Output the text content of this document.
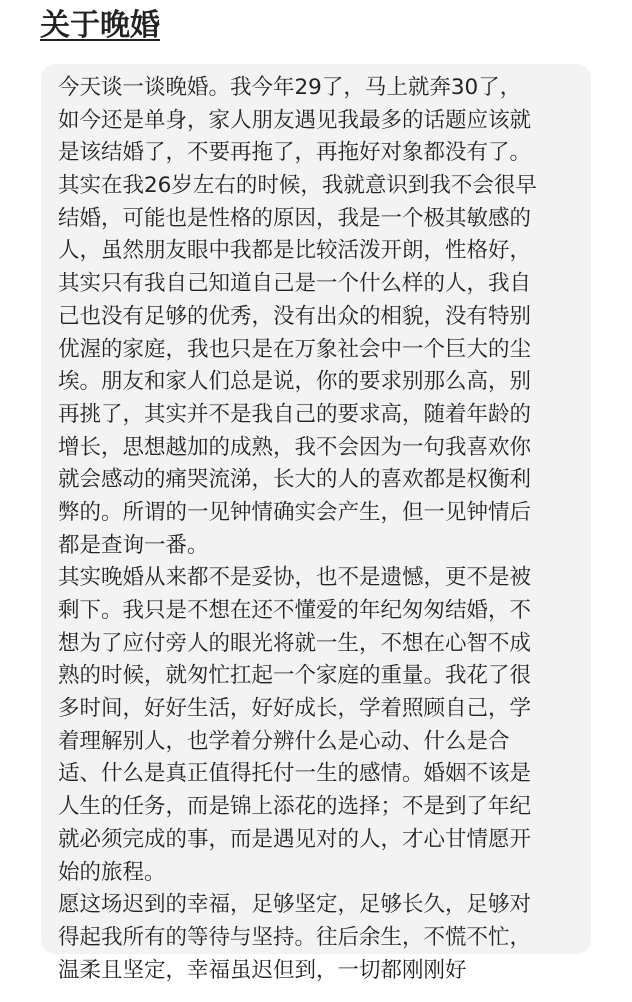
关于晚婚
今天谈一谈晚婚。我今年29了，马上就奔30了，
如今还是单身，家人朋友遇见我最多的话题应该就
是该结婚了，不要再拖了，再拖好对象都没有了。
其实在我26岁左右的时候，我就意识到我不会很早
结婚，可能也是性格的原因，我是一个极其敏感的
人，虽然朋友眼中我都是比较活泼开朗，性格好，
其实只有我自己知道自己是一个什么样的人，我自
己也没有足够的优秀，没有出众的相貌，没有特别
优渥的家庭，我也只是在万象社会中一个巨大的尘
埃。朋友和家人们总是说，你的要求别那么高，别
再挑了，其实并不是我自己的要求高，随着年龄的
增长，思想越加的成熟，我不会因为一句我喜欢你
就会感动的痛哭流涕，长大的人的喜欢都是权衡利
弊的。所谓的一见钟情确实会产生，但一见钟情后
都是查询一番。
其实晚婚从来都不是妥协，也不是遗憾，更不是被
剩下。我只是不想在还不懂爱的年纪匆匆结婚，不
想为了应付旁人的眼光将就一生，不想在心智不成
熟的时候，就匆忙扛起一个家庭的重量。我花了很
多时间，好好生活，好好成长，学着照顾自己，学
着理解别人，也学着分辨什么是心动、什么是合
适、什么是真正值得托付一生的感情。婚姻不该是
人生的任务，而是锦上添花的选择；不是到了年纪
就必须完成的事，而是遇见对的人，才心甘情愿开
始的旅程。
愿这场迟到的幸福，足够坚定，足够长久，足够对
得起我所有的等待与坚持。往后余生，不慌不忙，
温柔且坚定，幸福虽迟但到，一切都刚刚好
